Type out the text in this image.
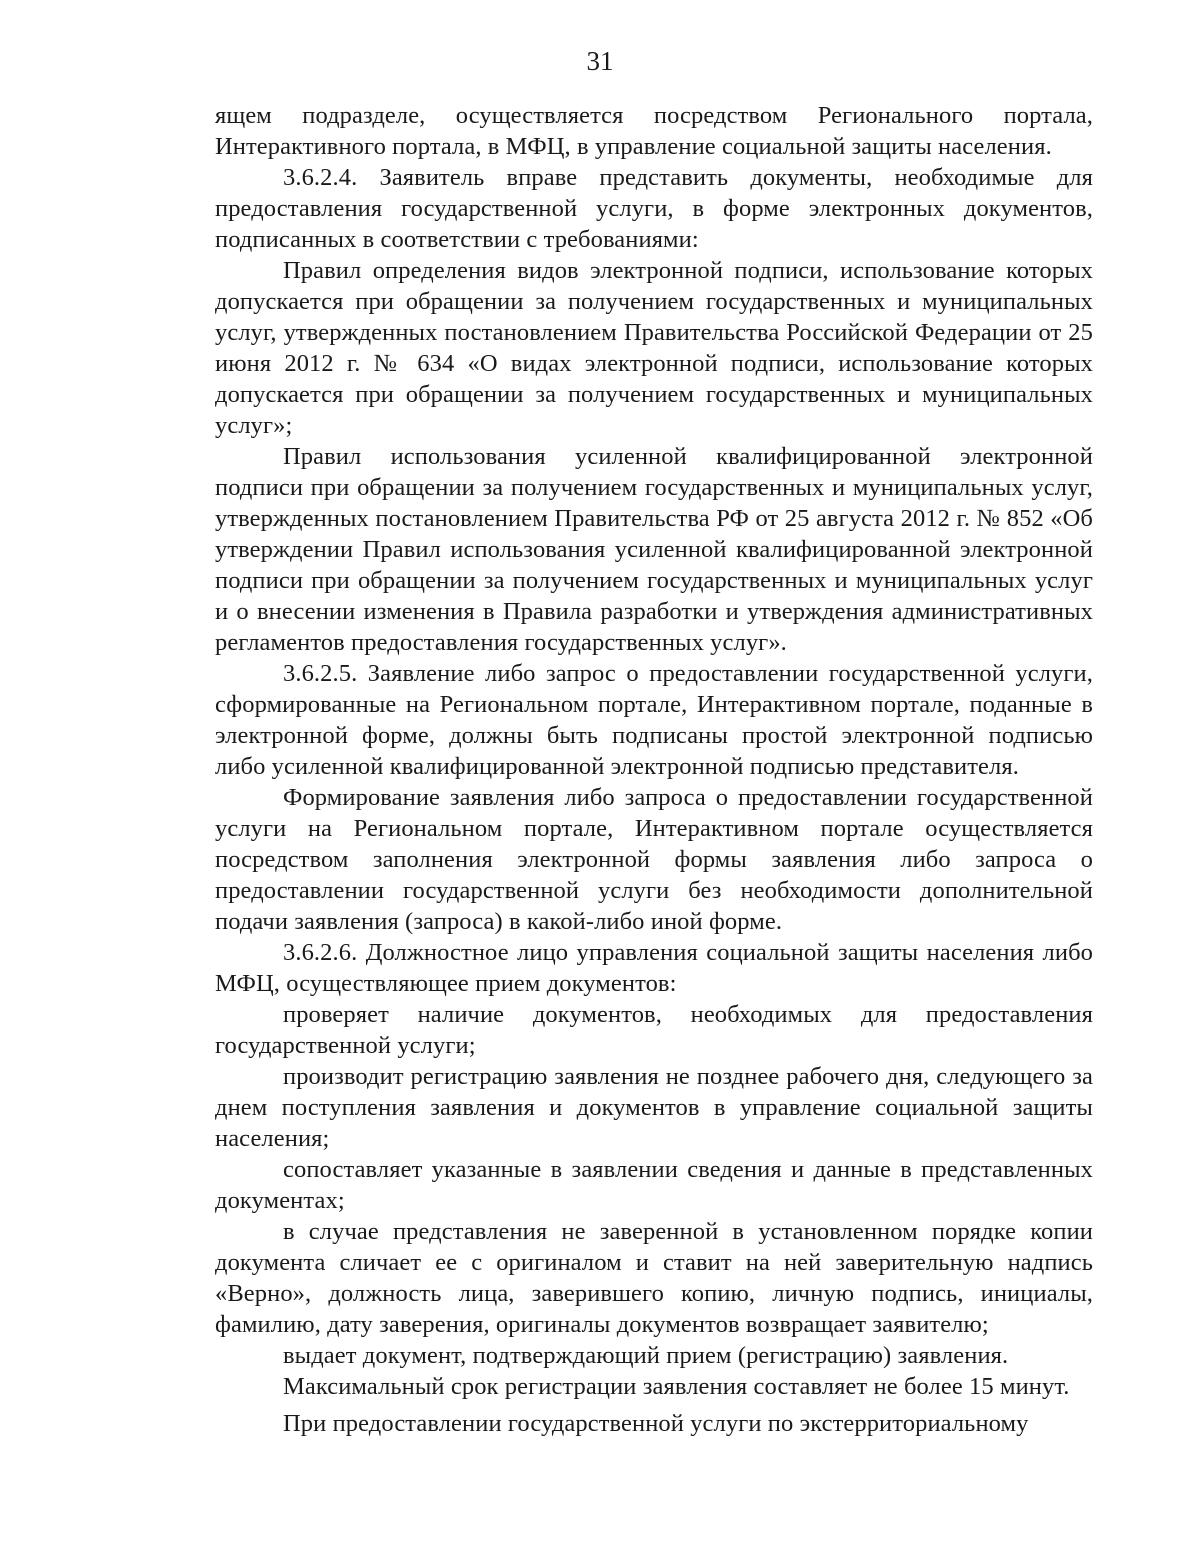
31

ящем подразделе, осуществляется посредством Регионального портала, Интерактивного портала, в МФЦ, в управление социальной защиты населения.

3.6.2.4. Заявитель вправе представить документы, необходимые для предоставления государственной услуги, в форме электронных документов, подписанных в соответствии с требованиями:

Правил определения видов электронной подписи, использование которых допускается при обращении за получением государственных и муниципальных услуг, утвержденных постановлением Правительства Российской Федерации от 25 июня 2012 г. № 634 «О видах электронной подписи, использование которых допускается при обращении за получением государственных и муниципальных услуг»;

Правил использования усиленной квалифицированной электронной подписи при обращении за получением государственных и муниципальных услуг, утвержденных постановлением Правительства РФ от 25 августа 2012 г. № 852 «Об утверждении Правил использования усиленной квалифицированной электронной подписи при обращении за получением государственных и муниципальных услуг и о внесении изменения в Правила разработки и утверждения административных регламентов предоставления государственных услуг».

3.6.2.5. Заявление либо запрос о предоставлении государственной услуги, сформированные на Региональном портале, Интерактивном портале, поданные в электронной форме, должны быть подписаны простой электронной подписью либо усиленной квалифицированной электронной подписью представителя.

Формирование заявления либо запроса о предоставлении государственной услуги на Региональном портале, Интерактивном портале осуществляется посредством заполнения электронной формы заявления либо запроса о предоставлении государственной услуги без необходимости дополнительной подачи заявления (запроса) в какой-либо иной форме.

3.6.2.6. Должностное лицо управления социальной защиты населения либо МФЦ, осуществляющее прием документов:

проверяет наличие документов, необходимых для предоставления государственной услуги;

производит регистрацию заявления не позднее рабочего дня, следующего за днем поступления заявления и документов в управление социальной защиты населения;

сопоставляет указанные в заявлении сведения и данные в представленных документах;

в случае представления не заверенной в установленном порядке копии документа сличает ее с оригиналом и ставит на ней заверительную надпись «Верно», должность лица, заверившего копию, личную подпись, инициалы, фамилию, дату заверения, оригиналы документов возвращает заявителю;

выдает документ, подтверждающий прием (регистрацию) заявления.

Максимальный срок регистрации заявления составляет не более 15 минут.

При предоставлении государственной услуги по экстерриториальному
